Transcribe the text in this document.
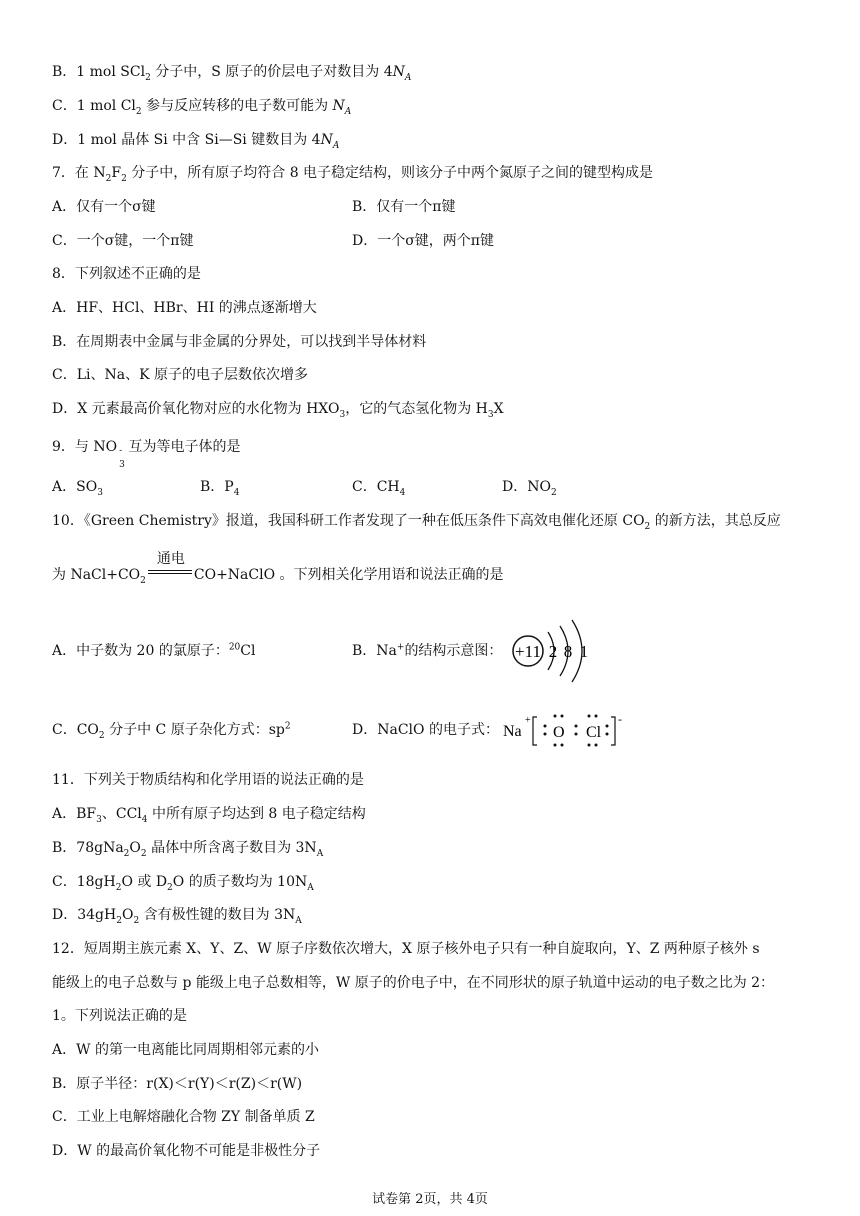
B．1 mol SCl$_2$ 分子中，S 原子的价层电子对数目为 $4N_A$
C．1 mol $Cl_2$ 参与反应转移的电子数可能为 $N_A$
D．1 mol 晶体 Si 中含 Si—Si 键数目为 $4N_A$
7．在 $N_2F_2$ 分子中，所有原子均符合 8 电子稳定结构，则该分子中两个氮原子之间的键型构成是
A．仅有一个σ键	B．仅有一个π键
C．一个σ键，一个π键	D．一个σ键，两个π键
8．下列叙述不正确的是
A．HF、HCl、HBr、HI 的沸点逐渐增大
B．在周期表中金属与非金属的分界处，可以找到半导体材料
C．Li、Na、K 原子的电子层数依次增多
D．X 元素最高价氧化物对应的水化物为 $HXO_3$，它的气态氢化物为 $H_3X$
9．与 NO -
3
互为等电子体的是
A．$SO_3$	B．$P_4$	C．$CH_4$	D．$NO_2$
10．《Green Chemistry》报道，我国科研工作者发现了一种在低压条件下高效电催化还原 $CO_2$ 的新方法，其总反应
为 $NaCl+CO_2$
通电
CO+NaClO 。下列相关化学用语和说法正确的是
A．中子数为 20 的氯原子：$^{20}$Cl	B．Na+的结构示意图： +11 2 8 1
C．$CO_2$ 分子中 C 原子杂化方式：$sp^2$	D．NaClO 的电子式： Na
+
O Cl
-
11．下列关于物质结构和化学用语的说法正确的是
A．$BF_3$、CCl$_4$ 中所有原子均达到 8 电子稳定结构
B．$78gNa_2O_2$ 晶体中所含离子数目为 $3N_A$
C．$18gH_2O$ 或 $D_2O$ 的质子数均为 $10N_A$
D．$34gH_2O_2$ 含有极性键的数目为 $3N_A$
12．短周期主族元素 X、Y、Z、W 原子序数依次增大，X 原子核外电子只有一种自旋取向，Y、Z 两种原子核外 s
能级上的电子总数与 p 能级上电子总数相等，W 原子的价电子中，在不同形状的原子轨道中运动的电子数之比为 2：
1。下列说法正确的是
A．W 的第一电离能比同周期相邻元素的小
B．原子半径：r(X)＜r(Y)＜r(Z)＜r(W)
C．工业上电解熔融化合物 ZY 制备单质 Z
D．W 的最高价氧化物不可能是非极性分子
试卷第 2页，共 4页
